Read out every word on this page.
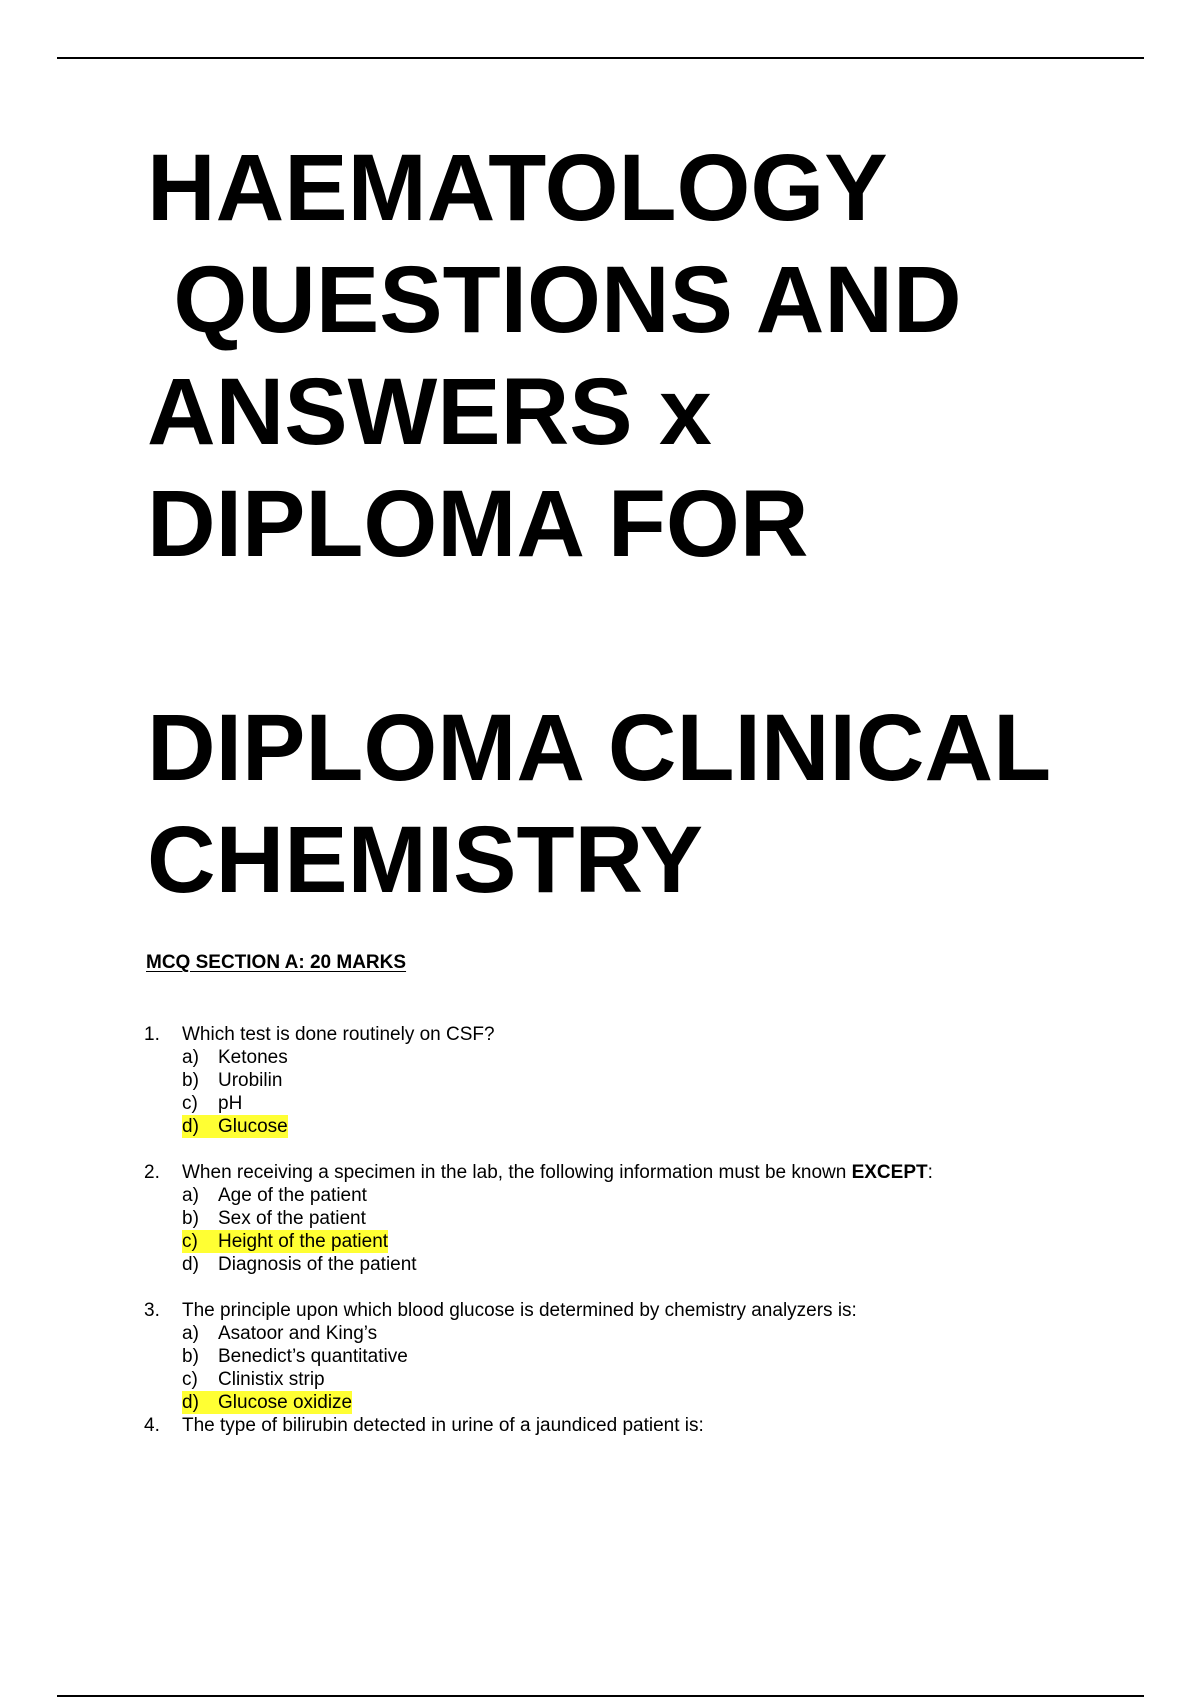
HAEMATOLOGY
QUESTIONS AND
ANSWERS x
DIPLOMA FOR
DIPLOMA CLINICAL
CHEMISTRY
MCQ SECTION A: 20 MARKS
1.	Which test is done routinely on CSF?
a)	Ketones
b)	Urobilin
c)	pH
d)	Glucose
2.	When receiving a specimen in the lab, the following information must be known EXCEPT:
a)	Age of the patient
b)	Sex of the patient
c)	Height of the patient
d)	Diagnosis of the patient
3.	The principle upon which blood glucose is determined by chemistry analyzers is:
a)	Asatoor and King’s
b)	Benedict’s quantitative
c)	Clinistix strip
d)	Glucose oxidize
4.	The type of bilirubin detected in urine of a jaundiced patient is:
